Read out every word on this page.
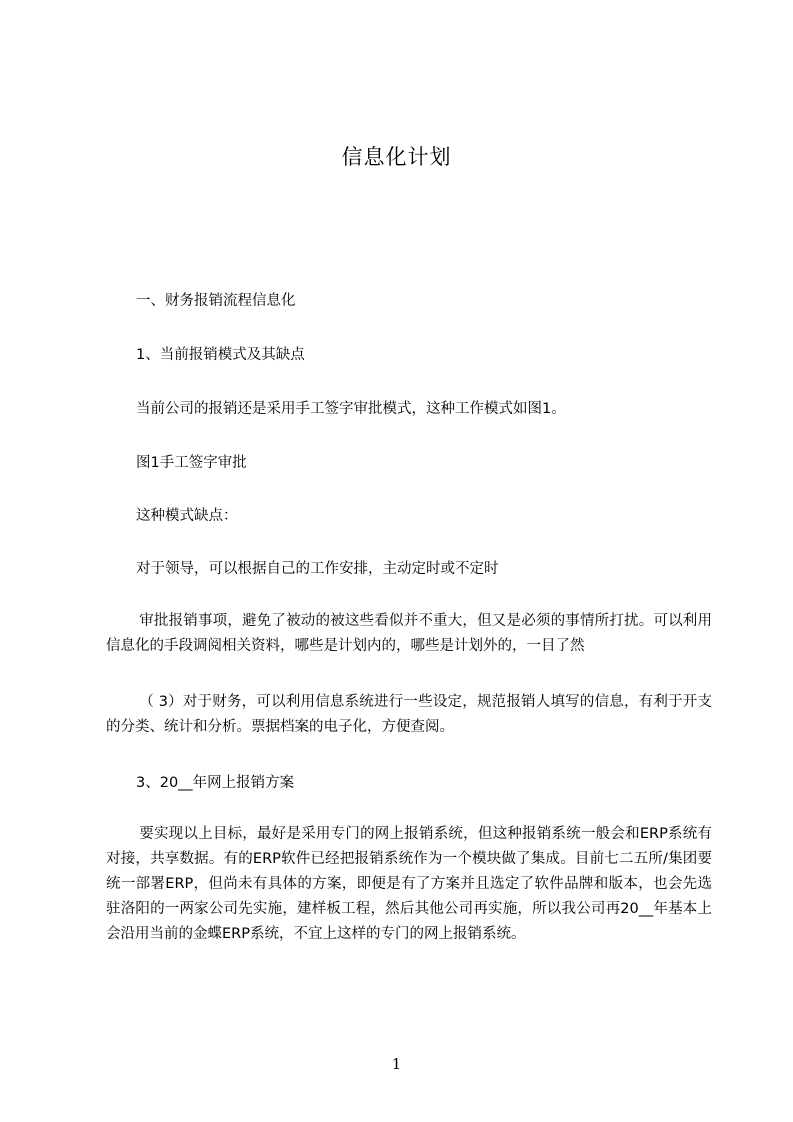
信息化计划
一、财务报销流程信息化
1、当前报销模式及其缺点
当前公司的报销还是采用手工签字审批模式，这种工作模式如图1。
图1手工签字审批
这种模式缺点：
对于领导，可以根据自己的工作安排，主动定时或不定时
审批报销事项，避免了被动的被这些看似并不重大，但又是必须的事情所打扰。可以利用信息化的手段调阅相关资料，哪些是计划内的，哪些是计划外的，一目了然
（ 3）对于财务，可以利用信息系统进行一些设定，规范报销人填写的信息，有利于开支的分类、统计和分析。票据档案的电子化，方便查阅。
3、20__年网上报销方案
要实现以上目标，最好是采用专门的网上报销系统，但这种报销系统一般会和ERP系统有对接，共享数据。有的ERP软件已经把报销系统作为一个模块做了集成。目前七二五所/集团要统一部署ERP，但尚未有具体的方案，即便是有了方案并且选定了软件品牌和版本，也会先选驻洛阳的一两家公司先实施，建样板工程，然后其他公司再实施，所以我公司再20__年基本上会沿用当前的金蝶ERP系统，不宜上这样的专门的网上报销系统。
1
